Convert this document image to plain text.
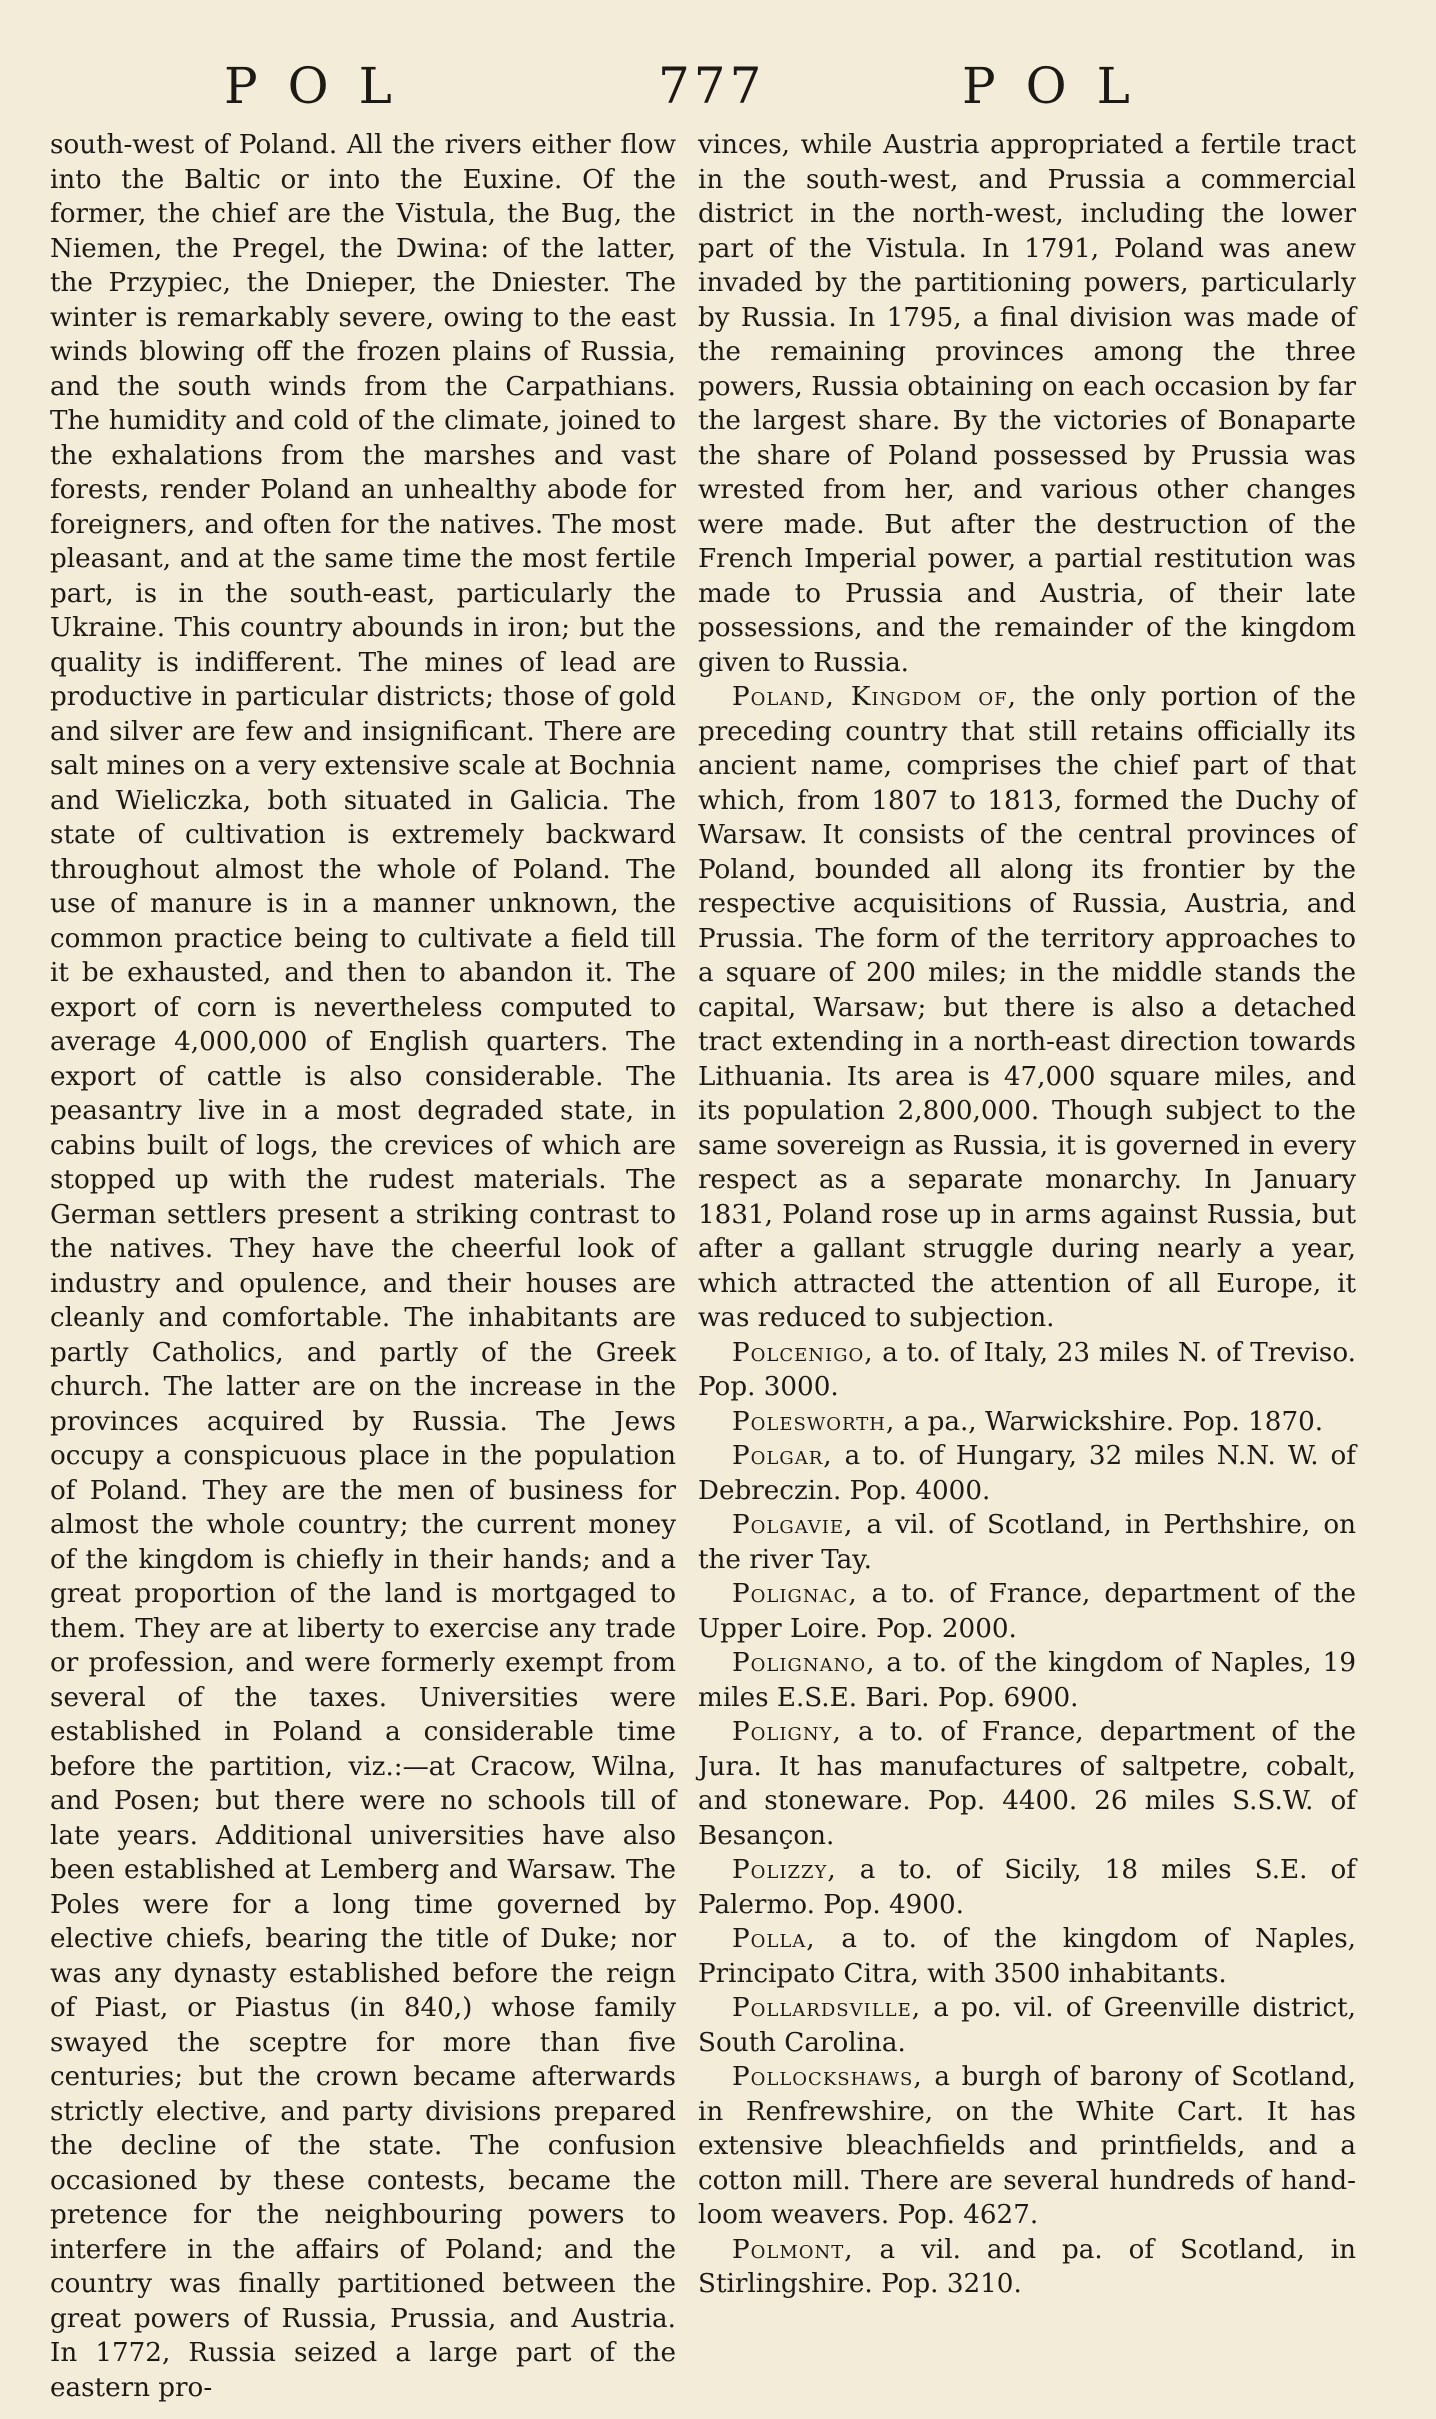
POL	777	POL

south-west of Poland. All the rivers either flow into the Baltic or into the Euxine. Of the former, the chief are the Vistula, the Bug, the Niemen, the Pregel, the Dwina: of the latter, the Przypiec, the Dnieper, the Dniester. The winter is remarkably severe, owing to the east winds blowing off the frozen plains of Russia, and the south winds from the Carpathians. The humidity and cold of the climate, joined to the exhalations from the marshes and vast forests, render Poland an unhealthy abode for foreigners, and often for the natives. The most pleasant, and at the same time the most fertile part, is in the south-east, particularly the Ukraine. This country abounds in iron; but the quality is indifferent. The mines of lead are productive in particular districts; those of gold and silver are few and insignificant. There are salt mines on a very extensive scale at Bochnia and Wieliczka, both situated in Galicia. The state of cultivation is extremely backward throughout almost the whole of Poland. The use of manure is in a manner unknown, the common practice being to cultivate a field till it be exhausted, and then to abandon it. The export of corn is nevertheless computed to average 4,000,000 of English quarters. The export of cattle is also considerable. The peasantry live in a most degraded state, in cabins built of logs, the crevices of which are stopped up with the rudest materials. The German settlers present a striking contrast to the natives. They have the cheerful look of industry and opulence, and their houses are cleanly and comfortable. The inhabitants are partly Catholics, and partly of the Greek church. The latter are on the increase in the provinces acquired by Russia. The Jews occupy a conspicuous place in the population of Poland. They are the men of business for almost the whole country; the current money of the kingdom is chiefly in their hands; and a great proportion of the land is mortgaged to them. They are at liberty to exercise any trade or profession, and were formerly exempt from several of the taxes. Universities were established in Poland a considerable time before the partition, viz.:—at Cracow, Wilna, and Posen; but there were no schools till of late years. Additional universities have also been established at Lemberg and Warsaw. The Poles were for a long time governed by elective chiefs, bearing the title of Duke; nor was any dynasty established before the reign of Piast, or Piastus (in 840,) whose family swayed the sceptre for more than five centuries; but the crown became afterwards strictly elective, and party divisions prepared the decline of the state. The confusion occasioned by these contests, became the pretence for the neighbouring powers to interfere in the affairs of Poland; and the country was finally partitioned between the great powers of Russia, Prussia, and Austria. In 1772, Russia seized a large part of the eastern pro-

vinces, while Austria appropriated a fertile tract in the south-west, and Prussia a commercial district in the north-west, including the lower part of the Vistula. In 1791, Poland was anew invaded by the partitioning powers, particularly by Russia. In 1795, a final division was made of the remaining provinces among the three powers, Russia obtaining on each occasion by far the largest share. By the victories of Bonaparte the share of Poland possessed by Prussia was wrested from her, and various other changes were made. But after the destruction of the French Imperial power, a partial restitution was made to Prussia and Austria, of their late possessions, and the remainder of the kingdom given to Russia.

Poland, Kingdom of, the only portion of the preceding country that still retains officially its ancient name, comprises the chief part of that which, from 1807 to 1813, formed the Duchy of Warsaw. It consists of the central provinces of Poland, bounded all along its frontier by the respective acquisitions of Russia, Austria, and Prussia. The form of the territory approaches to a square of 200 miles; in the middle stands the capital, Warsaw; but there is also a detached tract extending in a north-east direction towards Lithuania. Its area is 47,000 square miles, and its population 2,800,000. Though subject to the same sovereign as Russia, it is governed in every respect as a separate monarchy. In January 1831, Poland rose up in arms against Russia, but after a gallant struggle during nearly a year, which attracted the attention of all Europe, it was reduced to subjection.

Polcenigo, a to. of Italy, 23 miles N. of Treviso. Pop. 3000.

Polesworth, a pa., Warwickshire. Pop. 1870.

Polgar, a to. of Hungary, 32 miles N.N. W. of Debreczin. Pop. 4000.

Polgavie, a vil. of Scotland, in Perthshire, on the river Tay.

Polignac, a to. of France, department of the Upper Loire. Pop. 2000.

Polignano, a to. of the kingdom of Naples, 19 miles E.S.E. Bari. Pop. 6900.

Poligny, a to. of France, department of the Jura. It has manufactures of saltpetre, cobalt, and stoneware. Pop. 4400. 26 miles S.S.W. of Besançon.

Polizzy, a to. of Sicily, 18 miles S.E. of Palermo. Pop. 4900.

Polla, a to. of the kingdom of Naples, Principato Citra, with 3500 inhabitants.

Pollardsville, a po. vil. of Greenville district, South Carolina.

Pollockshaws, a burgh of barony of Scotland, in Renfrewshire, on the White Cart. It has extensive bleachfields and printfields, and a cotton mill. There are several hundreds of hand-loom weavers. Pop. 4627.

Polmont, a vil. and pa. of Scotland, in Stirlingshire. Pop. 3210.
